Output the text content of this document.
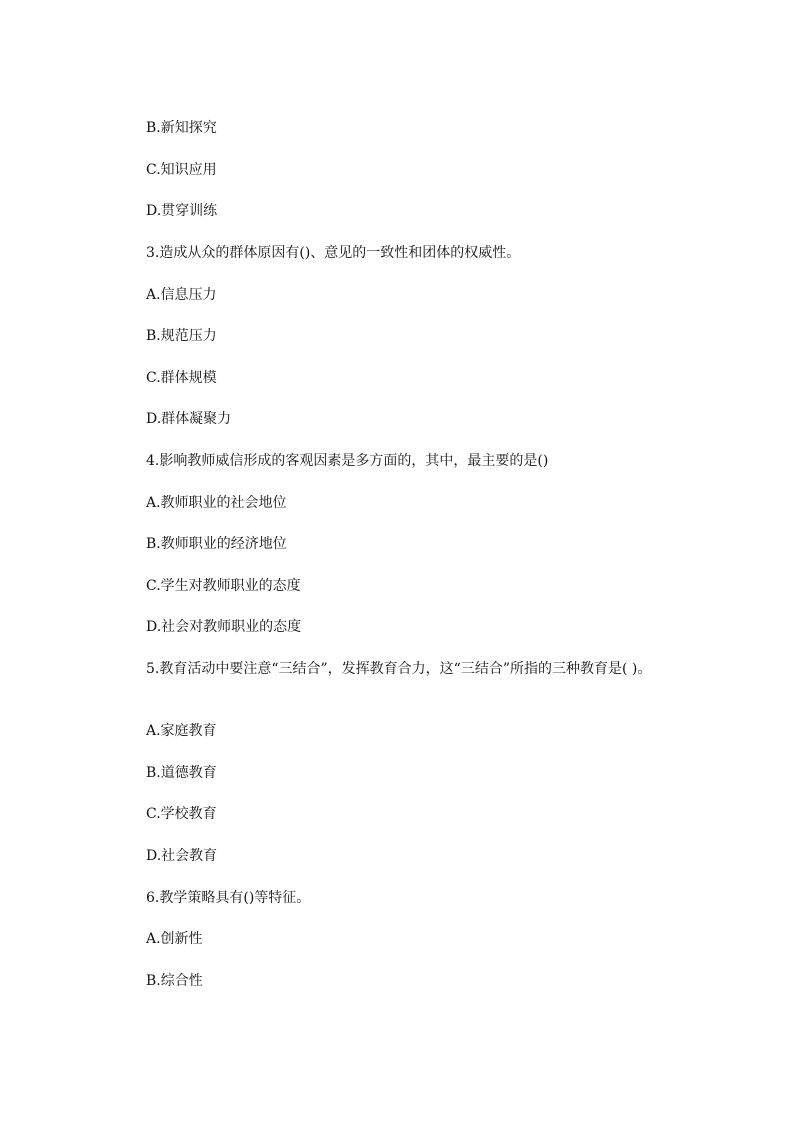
B.新知探究
C.知识应用
D.贯穿训练
3.造成从众的群体原因有()、意见的一致性和团体的权威性。
A.信息压力
B.规范压力
C.群体规模
D.群体凝聚力
4.影响教师威信形成的客观因素是多方面的，其中，最主要的是()
A.教师职业的社会地位
B.教师职业的经济地位
C.学生对教师职业的态度
D.社会对教师职业的态度
5.教育活动中要注意“三结合”，发挥教育合力，这“三结合”所指的三种教育是( )。
A.家庭教育
B.道德教育
C.学校教育
D.社会教育
6.教学策略具有()等特征。
A.创新性
B.综合性
